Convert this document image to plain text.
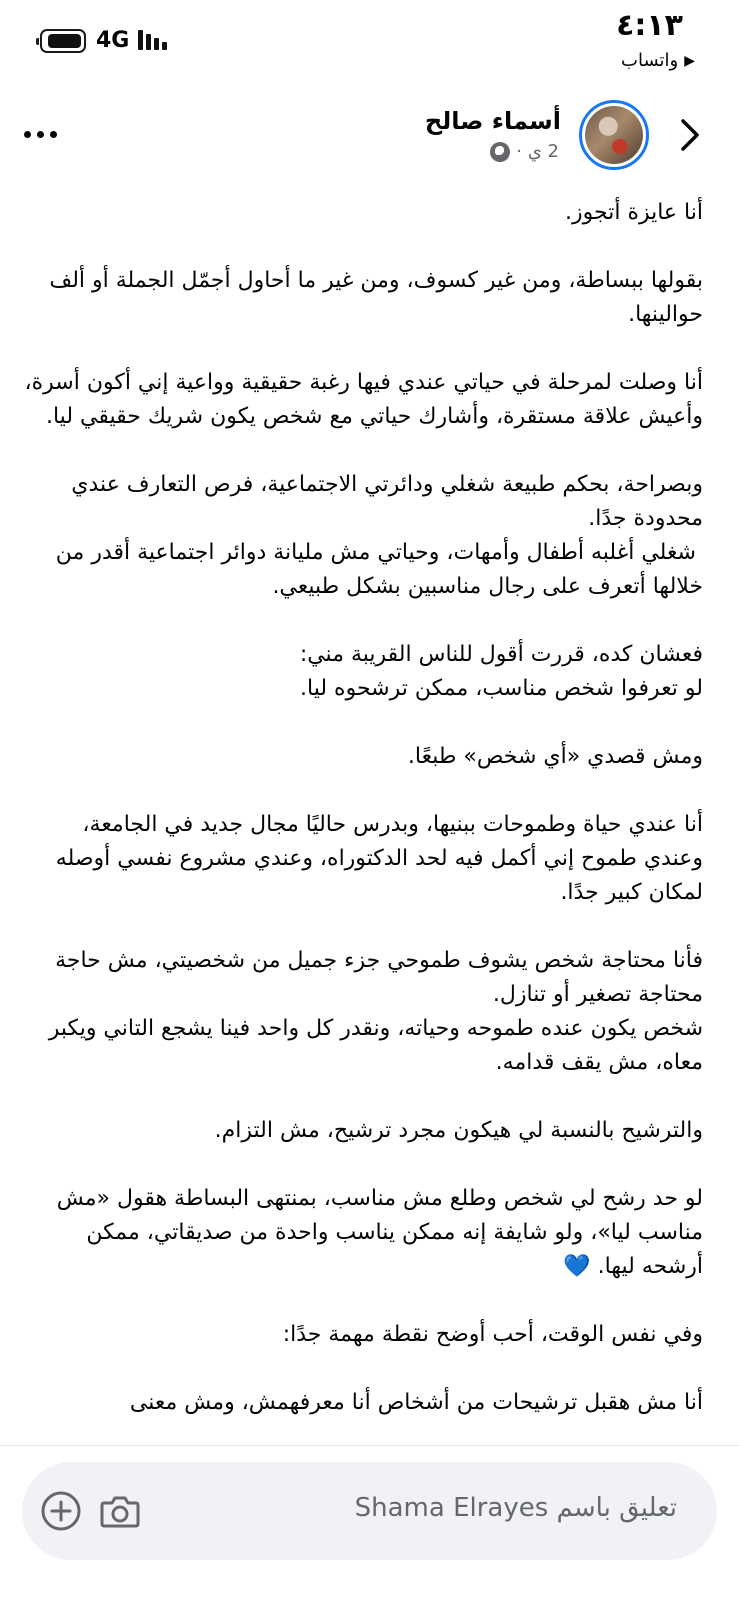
٤:١٣
▶
واتساب
4G
أسماء صالح
2 ي ·

أنا عايزة أتجوز.

بقولها ببساطة، ومن غير كسوف، ومن غير ما أحاول أجمّل الجملة أو ألف حوالينها.

أنا وصلت لمرحلة في حياتي عندي فيها رغبة حقيقية وواعية إني أكون أسرة، وأعيش علاقة مستقرة، وأشارك حياتي مع شخص يكون شريك حقيقي ليا.

وبصراحة، بحكم طبيعة شغلي ودائرتي الاجتماعية، فرص التعارف عندي محدودة جدًا.
شغلي أغلبه أطفال وأمهات، وحياتي مش مليانة دوائر اجتماعية أقدر من خلالها أتعرف على رجال مناسبين بشكل طبيعي.

فعشان كده، قررت أقول للناس القريبة مني:
لو تعرفوا شخص مناسب، ممكن ترشحوه ليا.

ومش قصدي «أي شخص» طبعًا.

أنا عندي حياة وطموحات ببنيها، وبدرس حاليًا مجال جديد في الجامعة، وعندي طموح إني أكمل فيه لحد الدكتوراه، وعندي مشروع نفسي أوصله لمكان كبير جدًا.

فأنا محتاجة شخص يشوف طموحي جزء جميل من شخصيتي، مش حاجة محتاجة تصغير أو تنازل.
شخص يكون عنده طموحه وحياته، ونقدر كل واحد فينا يشجع التاني ويكبر معاه، مش يقف قدامه.

والترشيح بالنسبة لي هيكون مجرد ترشيح، مش التزام.

لو حد رشح لي شخص وطلع مش مناسب، بمنتهى البساطة هقول «مش مناسب ليا»، ولو شايفة إنه ممكن يناسب واحدة من صديقاتي، ممكن أرشحه ليها. 💙

وفي نفس الوقت، أحب أوضح نقطة مهمة جدًا:

أنا مش هقبل ترشيحات من أشخاص أنا معرفهمش، ومش معنى

تعليق باسم Shama Elrayes
